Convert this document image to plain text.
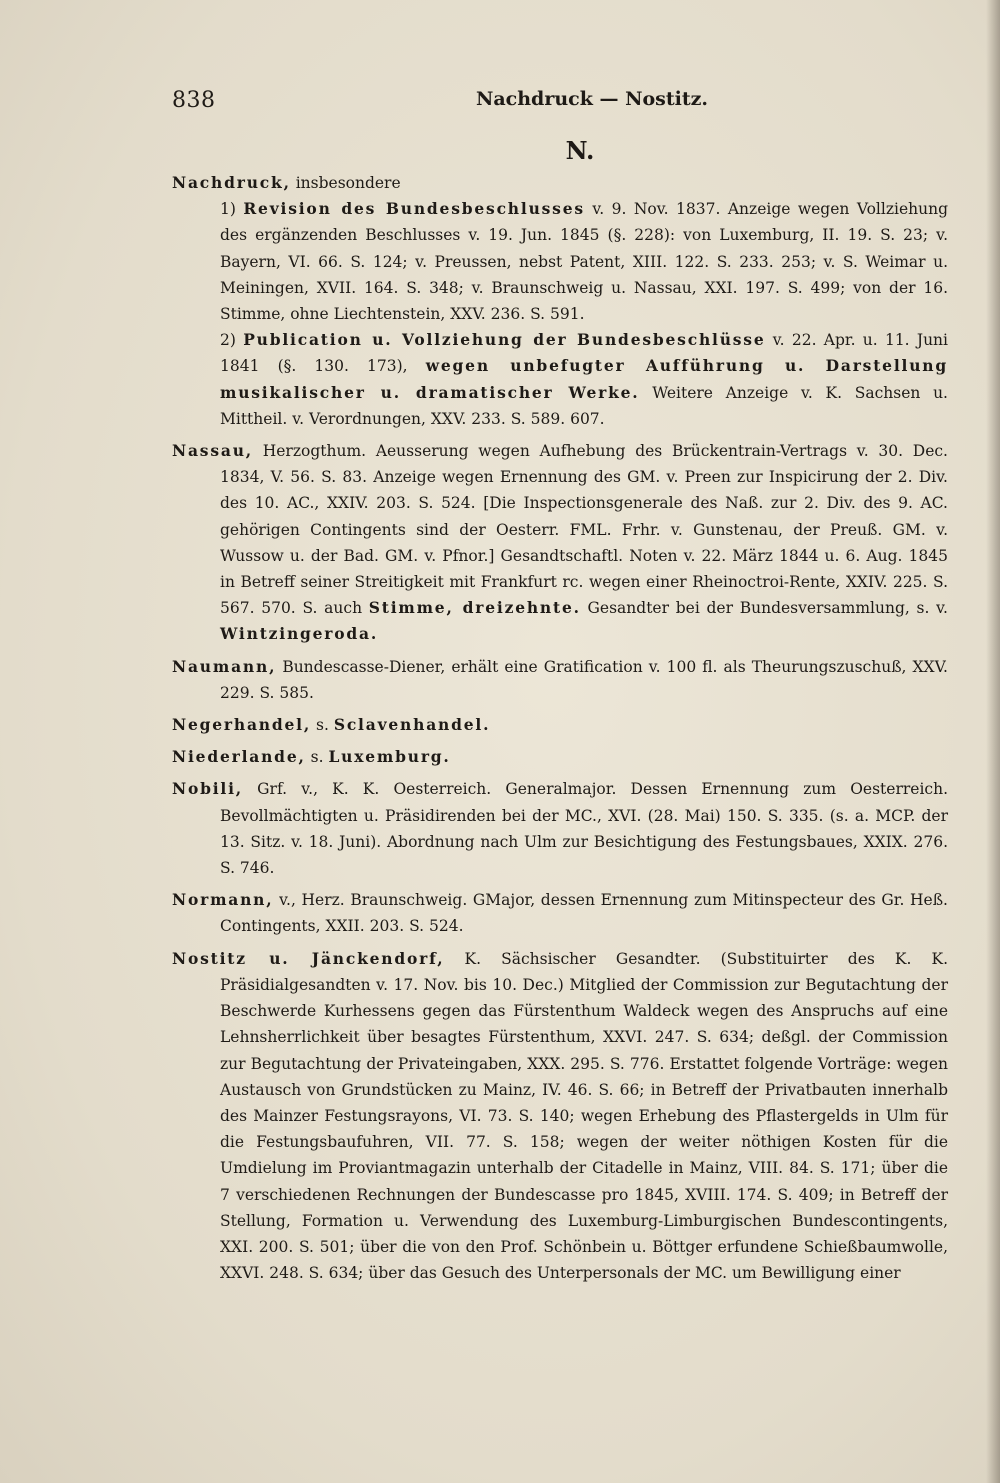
838	Nachdruck — Nostitz.
N.
Nachdruck, insbesondere
1) Revision des Bundesbeschlusses v. 9. Nov. 1837. Anzeige wegen Vollziehung des ergänzenden Beschlusses v. 19. Jun. 1845 (§. 228): von Luxemburg, II. 19. S. 23; v. Bayern, VI. 66. S. 124; v. Preussen, nebst Patent, XIII. 122. S. 233. 253; v. S. Weimar u. Meiningen, XVII. 164. S. 348; v. Braunschweig u. Nassau, XXI. 197. S. 499; von der 16. Stimme, ohne Liechtenstein, XXV. 236. S. 591.
2) Publication u. Vollziehung der Bundesbeschlüsse v. 22. Apr. u. 11. Juni 1841 (§. 130. 173), wegen unbefugter Aufführung u. Darstellung musikalischer u. dramatischer Werke. Weitere Anzeige v. K. Sachsen u. Mittheil. v. Verordnungen, XXV. 233. S. 589. 607.
Nassau, Herzogthum. Aeusserung wegen Aufhebung des Brückentrain-Vertrags v. 30. Dec. 1834, V. 56. S. 83. Anzeige wegen Ernennung des GM. v. Preen zur Inspicirung der 2. Div. des 10. AC., XXIV. 203. S. 524. [Die Inspectionsgenerale des Naß. zur 2. Div. des 9. AC. gehörigen Contingents sind der Oesterr. FML. Frhr. v. Gunstenau, der Preuß. GM. v. Wussow u. der Bad. GM. v. Pfnor.] Gesandtschaftl. Noten v. 22. März 1844 u. 6. Aug. 1845 in Betreff seiner Streitigkeit mit Frankfurt rc. wegen einer Rheinoctroi-Rente, XXIV. 225. S. 567. 570. S. auch Stimme, dreizehnte. Gesandter bei der Bundesversammlung, s. v. Wintzingeroda.
Naumann, Bundescasse-Diener, erhält eine Gratification v. 100 fl. als Theurungszuschuß, XXV. 229. S. 585.
Negerhandel, s. Sclavenhandel.
Niederlande, s. Luxemburg.
Nobili, Grf. v., K. K. Oesterreich. Generalmajor. Dessen Ernennung zum Oesterreich. Bevollmächtigten u. Präsidirenden bei der MC., XVI. (28. Mai) 150. S. 335. (s. a. MCP. der 13. Sitz. v. 18. Juni). Abordnung nach Ulm zur Besichtigung des Festungsbaues, XXIX. 276. S. 746.
Normann, v., Herz. Braunschweig. GMajor, dessen Ernennung zum Mitinspecteur des Gr. Heß. Contingents, XXII. 203. S. 524.
Nostitz u. Jänckendorf, K. Sächsischer Gesandter. (Substituirter des K. K. Präsidialgesandten v. 17. Nov. bis 10. Dec.) Mitglied der Commission zur Begutachtung der Beschwerde Kurhessens gegen das Fürstenthum Waldeck wegen des Anspruchs auf eine Lehnsherrlichkeit über besagtes Fürstenthum, XXVI. 247. S. 634; deßgl. der Commission zur Begutachtung der Privateingaben, XXX. 295. S. 776. Erstattet folgende Vorträge: wegen Austausch von Grundstücken zu Mainz, IV. 46. S. 66; in Betreff der Privatbauten innerhalb des Mainzer Festungsrayons, VI. 73. S. 140; wegen Erhebung des Pflastergelds in Ulm für die Festungsbaufuhren, VII. 77. S. 158; wegen der weiter nöthigen Kosten für die Umdielung im Proviantmagazin unterhalb der Citadelle in Mainz, VIII. 84. S. 171; über die 7 verschiedenen Rechnungen der Bundescasse pro 1845, XVIII. 174. S. 409; in Betreff der Stellung, Formation u. Verwendung des Luxemburg-Limburgischen Bundescontingents, XXI. 200. S. 501; über die von den Prof. Schönbein u. Böttger erfundene Schießbaumwolle, XXVI. 248. S. 634; über das Gesuch des Unterpersonals der MC. um Bewilligung einer
